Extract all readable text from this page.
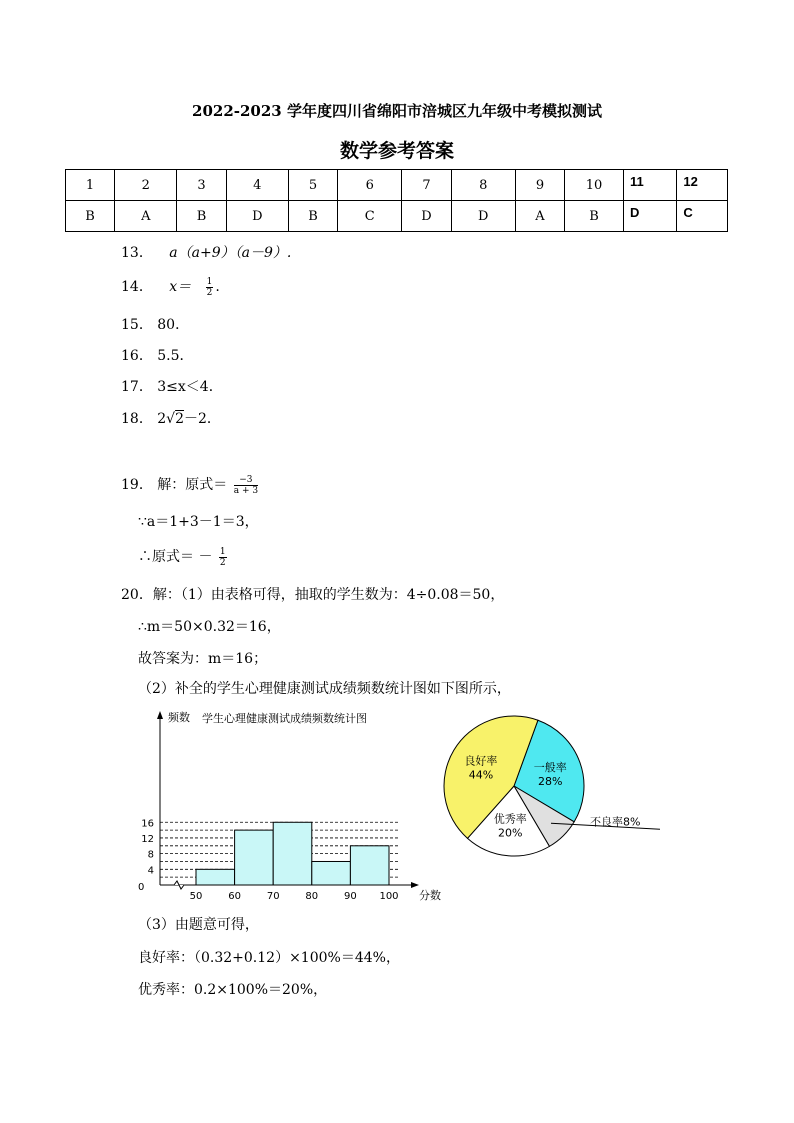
2022-2023 学年度四川省绵阳市涪城区九年级中考模拟测试
数学参考答案
1	2	3	4	5	6	7	8	9	10	11	12
B	A	B	D	B	C	D	D	A	B	D	C
13． a（a+9）（a－9）.
14． $x= \frac{1}{2}$ .
15． 80．
16． 5.5．
17． 3≤x＜4．
18． 2√2－2．
19． 解：原式＝ $\frac{-3}{a + 3}$
∵a＝1+3－1＝3，
∴原式＝ － $\frac{1}{2}$
20．解：（1）由表格可得，抽取的学生数为：4÷0.08＝50，
∴m＝50×0.32＝16，
故答案为：m＝16；
（2）补全的学生心理健康测试成绩频数统计图如下图所示，
0
4
8
12
16
50	60	70	80	90 100
频数
分数
学生心理健康测试成绩频数统计图
一般率
28%
优秀率
20%
良好率
44%
不良率8%
（3）由题意可得，
良好率：（0.32+0.12）×100%＝44%，
优秀率：0.2×100%＝20%，
